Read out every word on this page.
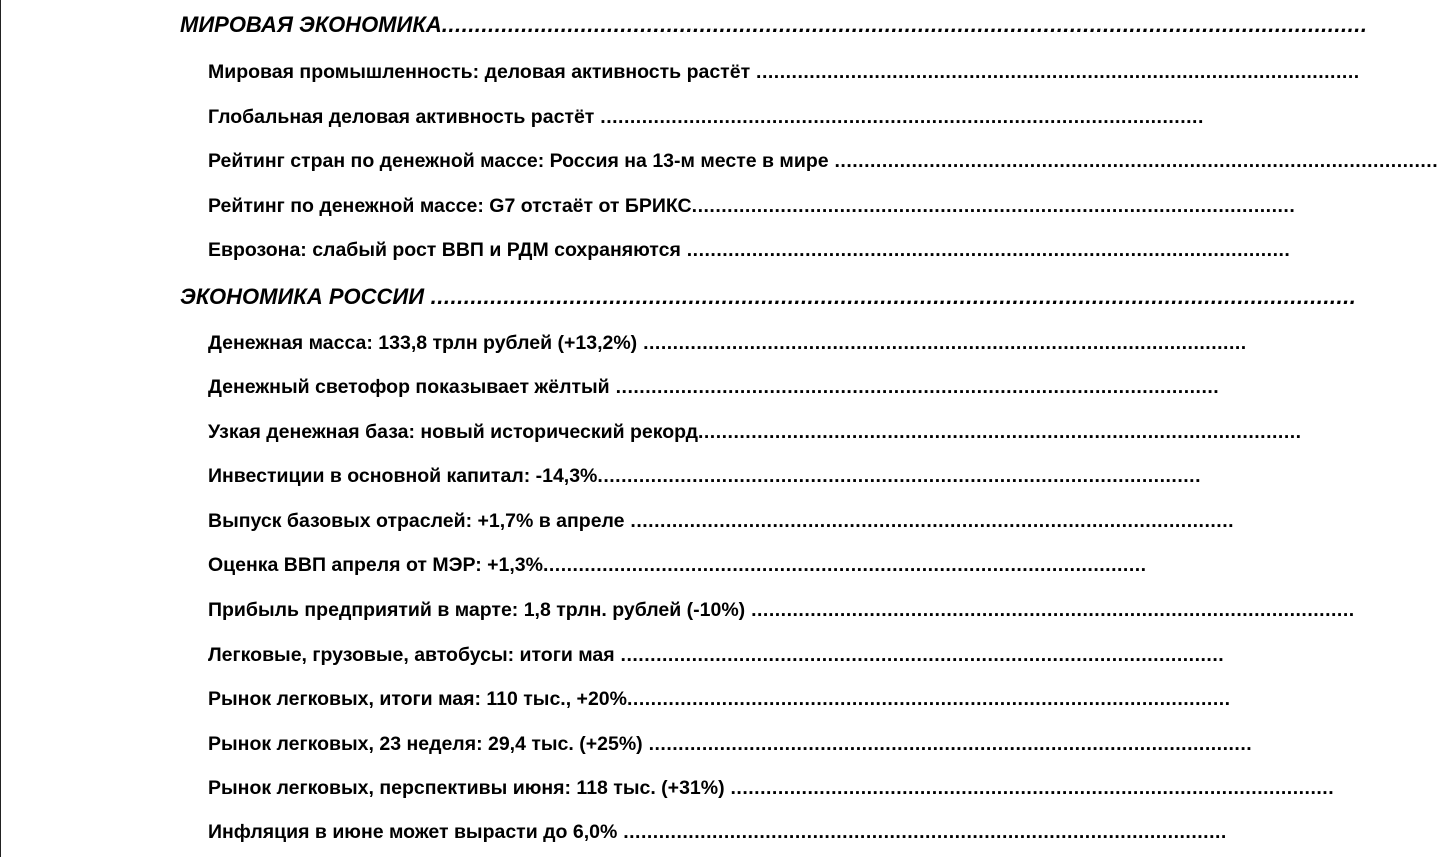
МИРОВАЯ ЭКОНОМИКА ............................................................................................................................................
Мировая промышленность: деловая активность растёт ......................................................................................................
Глобальная деловая активность растёт ......................................................................................................
Рейтинг стран по денежной массе: Россия на 13-м месте в мире ......................................................................................................
Рейтинг по денежной массе: G7 отстаёт от БРИКС ......................................................................................................
Еврозона: слабый рост ВВП и РДМ сохраняются ......................................................................................................
ЭКОНОМИКА РОССИИ ............................................................................................................................................
Денежная масса: 133,8 трлн рублей (+13,2%) ......................................................................................................
Денежный светофор показывает жёлтый ......................................................................................................
Узкая денежная база: новый исторический рекорд ......................................................................................................
Инвестиции в основной капитал: -14,3% ......................................................................................................
Выпуск базовых отраслей: +1,7% в апреле ......................................................................................................
Оценка ВВП апреля от МЭР: +1,3% ......................................................................................................
Прибыль предприятий в марте: 1,8 трлн. рублей (-10%) ......................................................................................................
Легковые, грузовые, автобусы: итоги мая ......................................................................................................
Рынок легковых, итоги мая: 110 тыс., +20% ......................................................................................................
Рынок легковых, 23 неделя: 29,4 тыс. (+25%) ......................................................................................................
Рынок легковых, перспективы июня: 118 тыс. (+31%) ......................................................................................................
Инфляция в июне может вырасти до 6,0% ......................................................................................................
